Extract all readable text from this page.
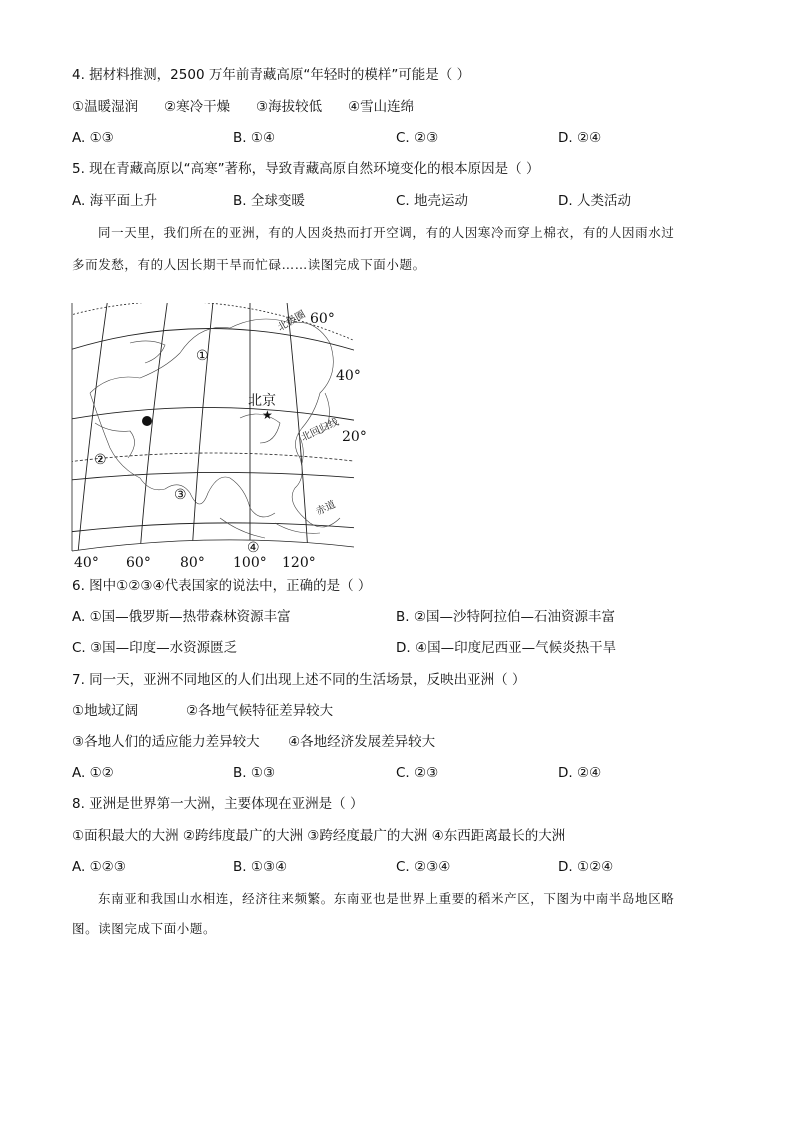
4. 据材料推测，2500 万年前青藏高原“年轻时的模样”可能是（ ）
①温暖湿润 ②寒冷干燥 ③海拔较低 ④雪山连绵
A. ①③	B. ①④	C. ②③	D. ②④
5. 现在青藏高原以“高寒”著称，导致青藏高原自然环境变化的根本原因是（ ）
A. 海平面上升	B. 全球变暖	C. 地壳运动	D. 人类活动
同一天里，我们所在的亚洲，有的人因炎热而打开空调，有的人因寒冷而穿上棉衣，有的人因雨水过
多而发愁，有的人因长期干旱而忙碌……读图完成下面小题。
★
60°
40°
20°
北极圈
北回归线
赤道
北京
①
②
③
④
40° 60° 80° 100° 120°
6. 图中①②③④代表国家的说法中，正确的是（ ）
A. ①国—俄罗斯—热带森林资源丰富	B. ②国—沙特阿拉伯—石油资源丰富
C. ③国—印度—水资源匮乏	D. ④国—印度尼西亚—气候炎热干旱
7. 同一天，亚洲不同地区的人们出现上述不同的生活场景，反映出亚洲（ ）
①地域辽阔	②各地气候特征差异较大
③各地人们的适应能力差异较大 ④各地经济发展差异较大
A. ①②	B. ①③	C. ②③	D. ②④
8. 亚洲是世界第一大洲，主要体现在亚洲是（ ）
①面积最大的大洲 ②跨纬度最广的大洲 ③跨经度最广的大洲 ④东西距离最长的大洲
A. ①②③	B. ①③④	C. ②③④	D. ①②④
东南亚和我国山水相连，经济往来频繁。东南亚也是世界上重要的稻米产区，下图为中南半岛地区略
图。读图完成下面小题。
